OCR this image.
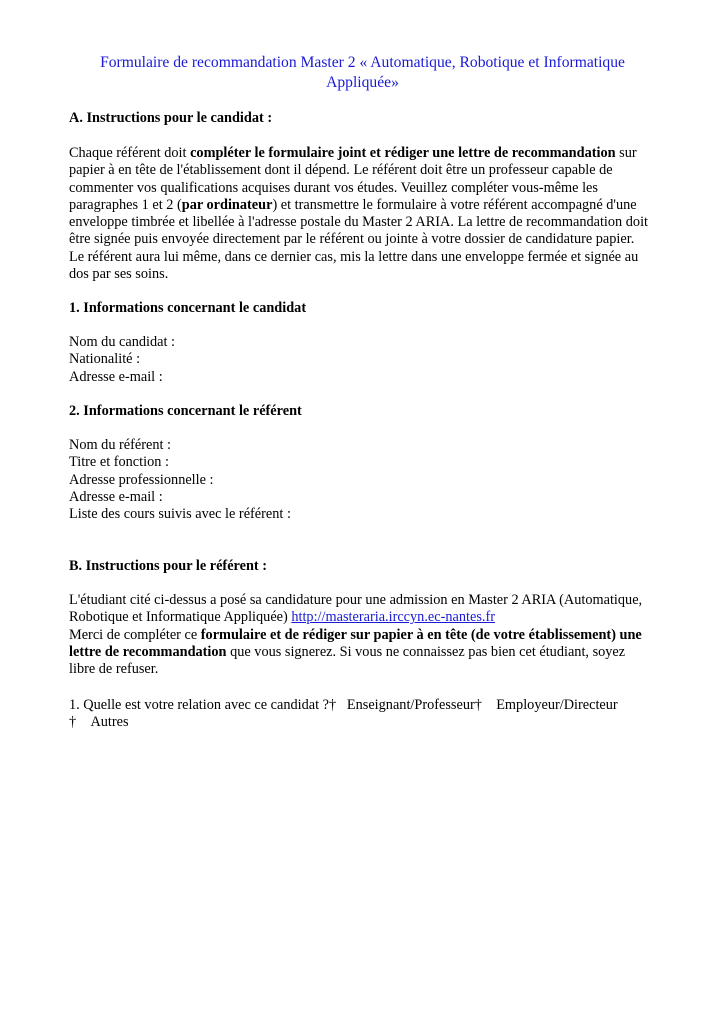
Formulaire de recommandation Master 2 « Automatique, Robotique et Informatique
Appliquée»
A. Instructions pour le candidat :
Chaque référent doit compléter le formulaire joint et rédiger une lettre de recommandation sur
papier à en tête de l'établissement dont il dépend. Le référent doit être un professeur capable de
commenter vos qualifications acquises durant vos études. Veuillez compléter vous-même les
paragraphes 1 et 2 (par ordinateur) et transmettre le formulaire à votre référent accompagné d'une
enveloppe timbrée et libellée à l'adresse postale du Master 2 ARIA. La lettre de recommandation doit
être signée puis envoyée directement par le référent ou jointe à votre dossier de candidature papier.
Le référent aura lui même, dans ce dernier cas, mis la lettre dans une enveloppe fermée et signée au
dos par ses soins.
1. Informations concernant le candidat
Nom du candidat :
Nationalité :
Adresse e-mail :
2. Informations concernant le référent
Nom du référent :
Titre et fonction :
Adresse professionnelle :
Adresse e-mail :
Liste des cours suivis avec le référent :
B. Instructions pour le référent :
L'étudiant cité ci-dessus a posé sa candidature pour une admission en Master 2 ARIA (Automatique,
Robotique et Informatique Appliquée) http://masteraria.irccyn.ec-nantes.fr
Merci de compléter ce formulaire et de rédiger sur papier à en tête (de votre établissement) une
lettre de recommandation que vous signerez. Si vous ne connaissez pas bien cet étudiant, soyez
libre de refuser.
1. Quelle est votre relation avec ce candidat ?† Enseignant/Professeur† Employeur/Directeur
† Autres
